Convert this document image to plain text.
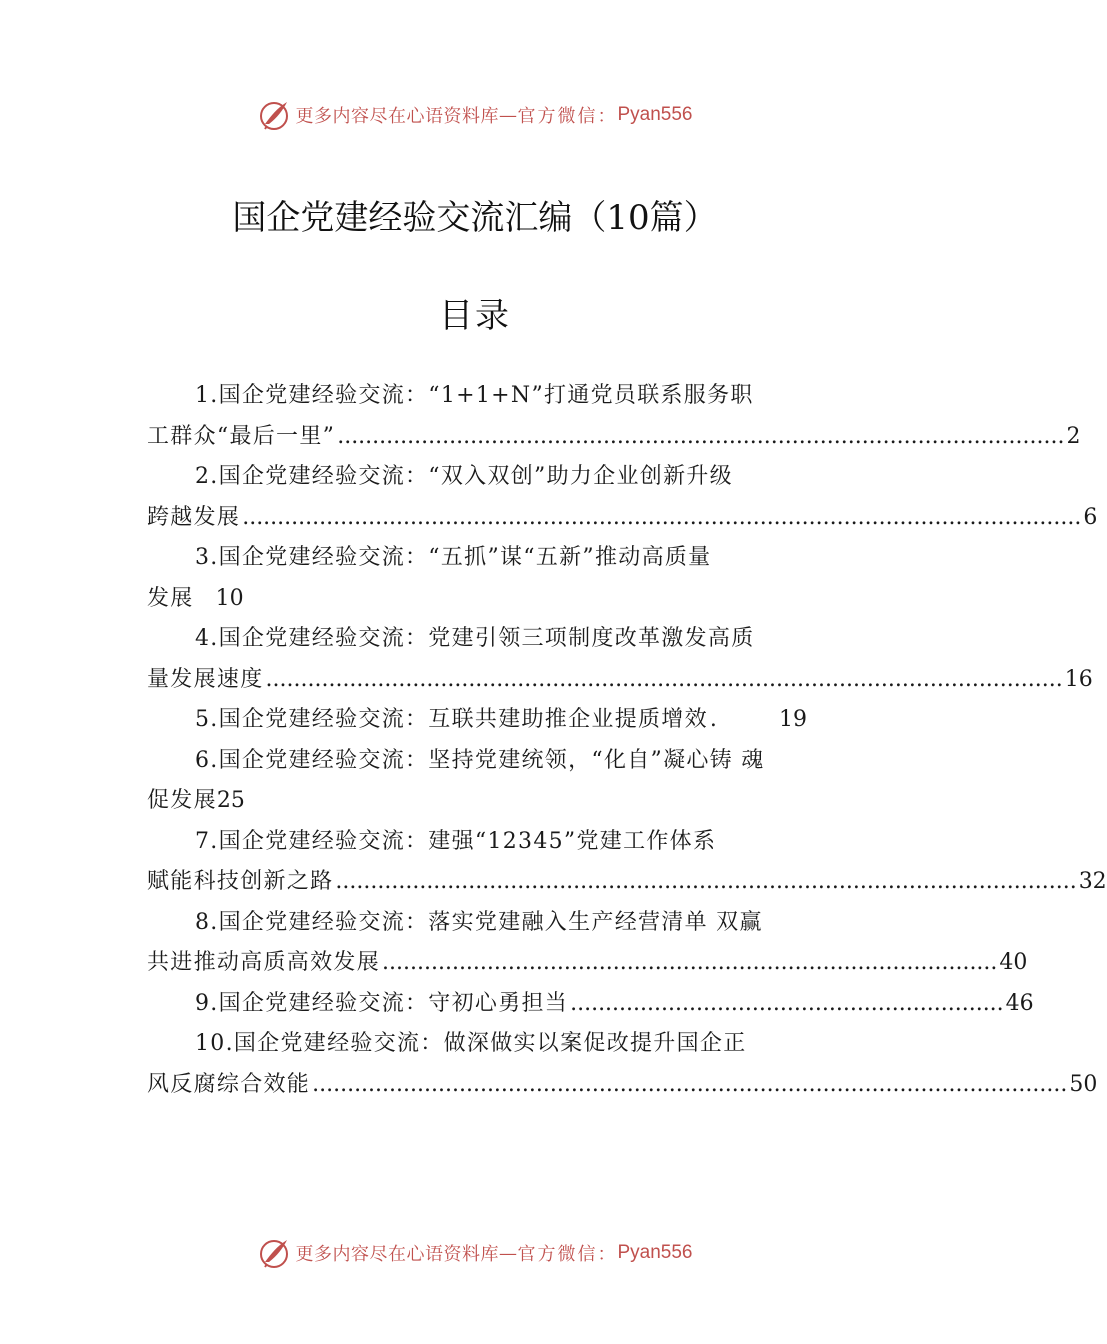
更多内容尽在心语资料库 — 官方微信： Pyan556
国企党建经验交流汇编（10篇）
目录
1.国企党建经验交流：“1+1+N”打通党员联系服务职
工群众“最后一里” ........................................................................................................ 2
2.国企党建经验交流：“双入双创”助力企业创新升级
跨越发展 ........................................................................................................................ 6
3.国企党建经验交流：“五抓”谋“五新”推动高质量
发展 10
4.国企党建经验交流：党建引领三项制度改革激发高质
量发展速度 .................................................................................................................. 16
5.国企党建经验交流：互联共建助推企业提质增效 .	19
6.国企党建经验交流：坚持党建统领，“化自”凝心铸 魂
促发展 25
7.国企党建经验交流：建强“12345”党建工作体系
赋能科技创新之路 .......................................................................................................... 32
8.国企党建经验交流：落实党建融入生产经营清单 双赢
共进推动高质高效发展 ........................................................................................ 40
9.国企党建经验交流：守初心勇担当 .............................................................. 46
10.国企党建经验交流：做深做实以案促改提升国企正
风反腐综合效能 ............................................................................................................ 50
更多内容尽在心语资料库 — 官方微信： Pyan556
